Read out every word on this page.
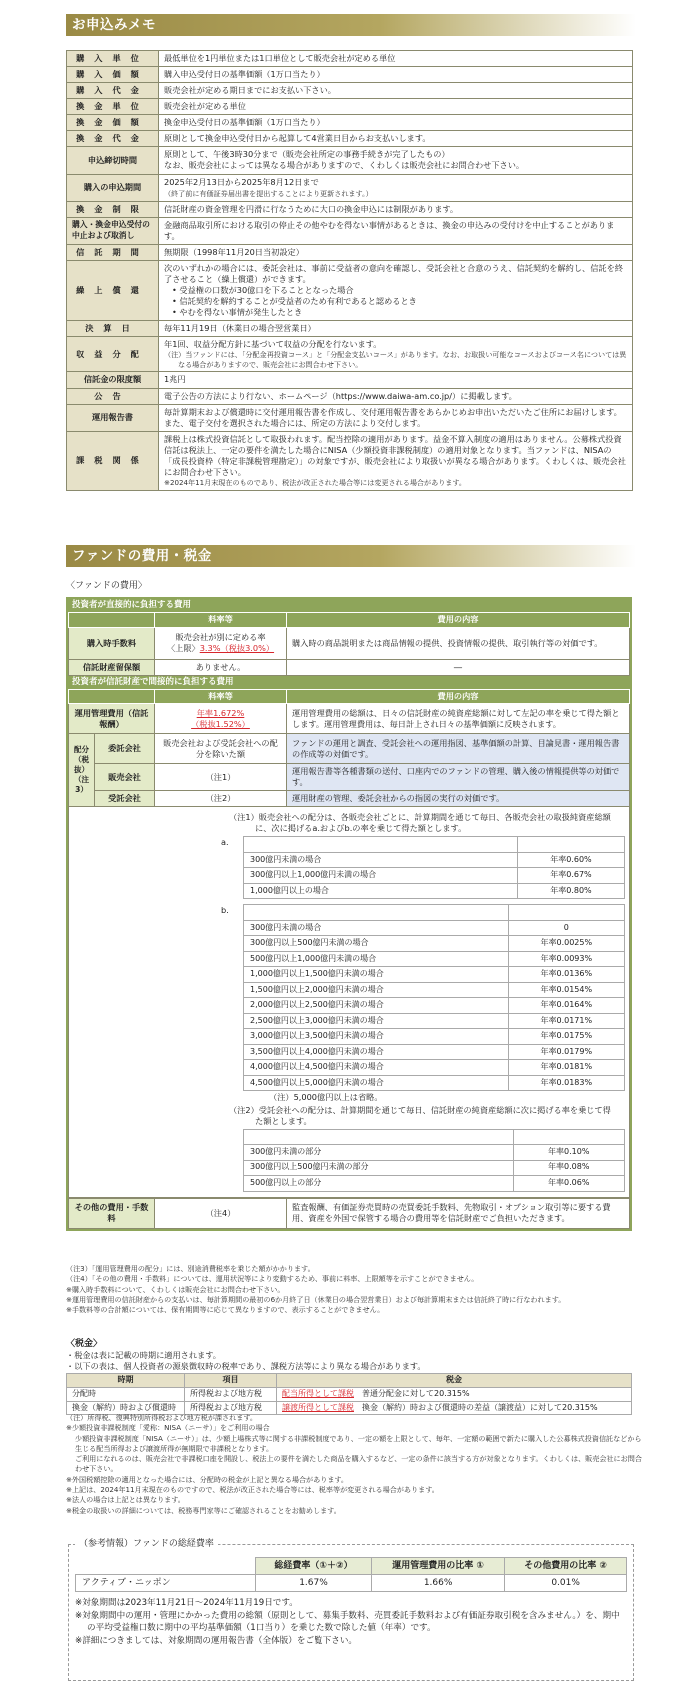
お申込みメモ
購入単位	最低単位を1円単位または1口単位として販売会社が定める単位
購入価額	購入申込受付日の基準価額（1万口当たり）
購入代金	販売会社が定める期日までにお支払い下さい。
換金単位	販売会社が定める単位
換金価額	換金申込受付日の基準価額（1万口当たり）
換金代金	原則として換金申込受付日から起算して4営業日目からお支払いします。
申込締切時間	原則として、午後3時30分まで（販売会社所定の事務手続きが完了したもの）
なお、販売会社によっては異なる場合がありますので、くわしくは販売会社にお問合わせ下さい。
購入の申込期間	2025年2月13日から2025年8月12日まで
（終了前に有価証券届出書を提出することにより更新されます。）
換金制限	信託財産の資金管理を円滑に行なうために大口の換金申込には制限があります。
購入・換金申込受付の中止および取消し	金融商品取引所における取引の停止その他やむを得ない事情があるときは、換金の申込みの受付けを中止することがあります。
信託期間	無期限（1998年11月20日当初設定）
繰上償還	次のいずれかの場合には、委託会社は、事前に受益者の意向を確認し、受託会社と合意のうえ、信託契約を解約し、信託を終了させること（繰上償還）ができます。
• 受益権の口数が30億口を下ることとなった場合
• 信託契約を解約することが受益者のため有利であると認めるとき
• やむを得ない事情が発生したとき

決算日	毎年11月19日（休業日の場合翌営業日）
収益分配	年1回、収益分配方針に基づいて収益の分配を行ないます。

（注）当ファンドには、「分配金再投資コース」と「分配金支払いコース」があります。なお、お取扱い可能なコースおよびコース名については異なる場合がありますので、販売会社にお問合わせ下さい。

信託金の限度額	1兆円
公告	電子公告の方法により行ない、ホームページ（https://www.daiwa-am.co.jp/）に掲載します。
運用報告書	毎計算期末および償還時に交付運用報告書を作成し、交付運用報告書をあらかじめお申出いただいたご住所にお届けします。
また、電子交付を選択された場合には、所定の方法により交付します。
課税関係	課税上は株式投資信託として取扱われます。配当控除の適用があります。益金不算入制度の適用はありません。公募株式投資信託は税法上、一定の要件を満たした場合にNISA（少額投資非課税制度）の適用対象となります。当ファンドは、NISAの「成長投資枠（特定非課税管理勘定）」の対象ですが、販売会社により取扱いが異なる場合があります。くわしくは、販売会社にお問合わせ下さい。
※2024年11月末現在のものであり、税法が改正された場合等には変更される場合があります。
ファンドの費用・税金
〈ファンドの費用〉
投資者が直接的に負担する費用
	料率等	費用の内容
購入時手数料	販売会社が別に定める率
〈上限〉3.3%（税抜3.0%）	購入時の商品説明または商品情報の提供、投資情報の提供、取引執行等の対価です。
信託財産留保額	ありません。	―
投資者が信託財産で間接的に負担する費用
		料率等	費用の内容
運用管理費用（信託報酬）		年率1.672%
（税抜1.52%）	運用管理費用の総額は、日々の信託財産の純資産総額に対して左記の率を乗じて得た額とします。運用管理費用は、毎日計上され日々の基準価額に反映されます。
配分（税抜）（注3）	委託会社	販売会社および受託会社への配分を除いた額	ファンドの運用と調査、受託会社への運用指図、基準価額の計算、目論見書・運用報告書の作成等の対価です。
	販売会社	（注1）	運用報告書等各種書類の送付、口座内でのファンドの管理、購入後の情報提供等の対価です。
	受託会社	（注2）	運用財産の管理、委託会社からの指図の実行の対価です。

（注1）販売会社への配分は、各販売会社ごとに、計算期間を通じて毎日、各販売会社の取扱純資産総額に、次に掲げるa.およびb.の率を乗じて得た額とします。

a.	各販売会社の取扱純資産総額	率
300億円未満の場合	年率0.60%
300億円以上1,000億円未満の場合	年率0.67%
1,000億円以上の場合	年率0.80%
b.	信託財産の純資産総額	率
300億円未満の場合	0
300億円以上500億円未満の場合	年率0.0025%
500億円以上1,000億円未満の場合	年率0.0093%
1,000億円以上1,500億円未満の場合	年率0.0136%
1,500億円以上2,000億円未満の場合	年率0.0154%
2,000億円以上2,500億円未満の場合	年率0.0164%
2,500億円以上3,000億円未満の場合	年率0.0171%
3,000億円以上3,500億円未満の場合	年率0.0175%
3,500億円以上4,000億円未満の場合	年率0.0179%
4,000億円以上4,500億円未満の場合	年率0.0181%
4,500億円以上5,000億円未満の場合	年率0.0183%

（注）5,000億円以上は省略。

（注2）受託会社への配分は、計算期間を通じて毎日、信託財産の純資産総額に次に掲げる率を乗じて得た額とします。

信託財産の純資産総額	率
300億円未満の部分	年率0.10%
300億円以上500億円未満の部分	年率0.08%
500億円以上の部分	年率0.06%
その他の費用・手数料	（注4）	監査報酬、有価証券売買時の売買委託手数料、先物取引・オプション取引等に要する費用、資産を外国で保管する場合の費用等を信託財産でご負担いただきます。
（注3）「運用管理費用の配分」には、別途消費税率を乗じた額がかかります。
（注4）「その他の費用・手数料」については、運用状況等により変動するため、事前に料率、上限額等を示すことができません。
※購入時手数料について、くわしくは販売会社にお問合わせ下さい。
※運用管理費用の信託財産からの支払いは、毎計算期間の最初の6か月終了日（休業日の場合翌営業日）および毎計算期末または信託終了時に行なわれます。
※手数料等の合計額については、保有期間等に応じて異なりますので、表示することができません。
〈税金〉
・税金は表に記載の時期に適用されます。
・以下の表は、個人投資者の源泉徴収時の税率であり、課税方法等により異なる場合があります。
時期	項目	税金
分配時	所得税および地方税	配当所得として課税　 普通分配金に対して20.315%
換金（解約）時および償還時	所得税および地方税	譲渡所得として課税　 換金（解約）時および償還時の差益（譲渡益）に対して20.315%
（注）所得税、復興特別所得税および地方税が課されます。
※少額投資非課税制度「愛称：NISA（ニーサ）」をご利用の場合
少額投資非課税制度「NISA（ニーサ）」は、少額上場株式等に関する非課税制度であり、一定の額を上限として、毎年、一定額の範囲で新たに購入した公募株式投資信託などから生じる配当所得および譲渡所得が無期限で非課税となります。
ご利用になれるのは、販売会社で非課税口座を開設し、税法上の要件を満たした商品を購入するなど、一定の条件に該当する方が対象となります。くわしくは、販売会社にお問合わせ下さい。
※外国税額控除の適用となった場合には、分配時の税金が上記と異なる場合があります。
※上記は、2024年11月末現在のものですので、税法が改正された場合等には、税率等が変更される場合があります。
※法人の場合は上記とは異なります。
※税金の取扱いの詳細については、税務専門家等にご確認されることをお勧めします。
（参考情報）ファンドの総経費率
	総経費率（①＋②）	運用管理費用の比率 ①	その他費用の比率 ②
アクティブ・ニッポン	1.67%	1.66%	0.01%
※対象期間は2023年11月21日～2024年11月19日です。
※対象期間中の運用・管理にかかった費用の総額（原則として、募集手数料、売買委託手数料および有価証券取引税を含みません。）を、期中の平均受益権口数に期中の平均基準価額（1口当り）を乗じた数で除した値（年率）です。
※詳細につきましては、対象期間の運用報告書（全体版）をご覧下さい。
